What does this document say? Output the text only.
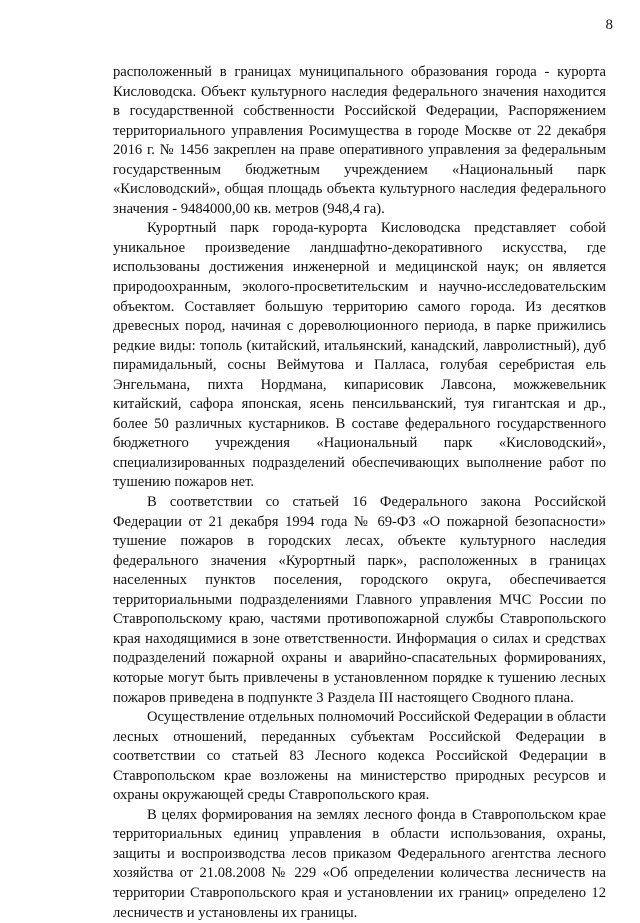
8

расположенный в границах муниципального образования города - курорта Кисловодска. Объект культурного наследия федерального значения находится в государственной собственности Российской Федерации, Распоряжением территориального управления Росимущества в городе Москве от 22 декабря 2016 г. № 1456 закреплен на праве оперативного управления за федеральным государственным бюджетным учреждением «Национальный парк «Кисловодский», общая площадь объекта культурного наследия федерального значения - 9484000,00 кв. метров (948,4 га).

Курортный парк города-курорта Кисловодска представляет собой уникальное произведение ландшафтно-декоративного искусства, где использованы достижения инженерной и медицинской наук; он является природоохранным, эколого-просветительским и научно-исследовательским объектом. Составляет большую территорию самого города. Из десятков древесных пород, начиная с дореволюционного периода, в парке прижились редкие виды: тополь (китайский, итальянский, канадский, лавролистный), дуб пирамидальный, сосны Веймутова и Палласа, голубая серебристая ель Энгельмана, пихта Нордмана, кипарисовик Лавсона, можжевельник китайский, сафора японская, ясень пенсильванский, туя гигантская и др., более 50 различных кустарников. В составе федерального государственного бюджетного учреждения «Национальный парк «Кисловодский», специализированных подразделений обеспечивающих выполнение работ по тушению пожаров нет.

В соответствии со статьей 16 Федерального закона Российской Федерации от 21 декабря 1994 года № 69-ФЗ «О пожарной безопасности» тушение пожаров в городских лесах, объекте культурного наследия федерального значения «Курортный парк», расположенных в границах населенных пунктов поселения, городского округа, обеспечивается территориальными подразделениями Главного управления МЧС России по Ставропольскому краю, частями противопожарной службы Ставропольского края находящимися в зоне ответственности. Информация о силах и средствах подразделений пожарной охраны и аварийно-спасательных формированиях, которые могут быть привлечены в установленном порядке к тушению лесных пожаров приведена в подпункте 3 Раздела III настоящего Сводного плана.

Осуществление отдельных полномочий Российской Федерации в области лесных отношений, переданных субъектам Российской Федерации в соответствии со статьей 83 Лесного кодекса Российской Федерации в Ставропольском крае возложены на министерство природных ресурсов и охраны окружающей среды Ставропольского края.

В целях формирования на землях лесного фонда в Ставропольском крае территориальных единиц управления в области использования, охраны, защиты и воспроизводства лесов приказом Федерального агентства лесного хозяйства от 21.08.2008 № 229 «Об определении количества лесничеств на территории Ставропольского края и установлении их границ» определено 12 лесничеств и установлены их границы.
